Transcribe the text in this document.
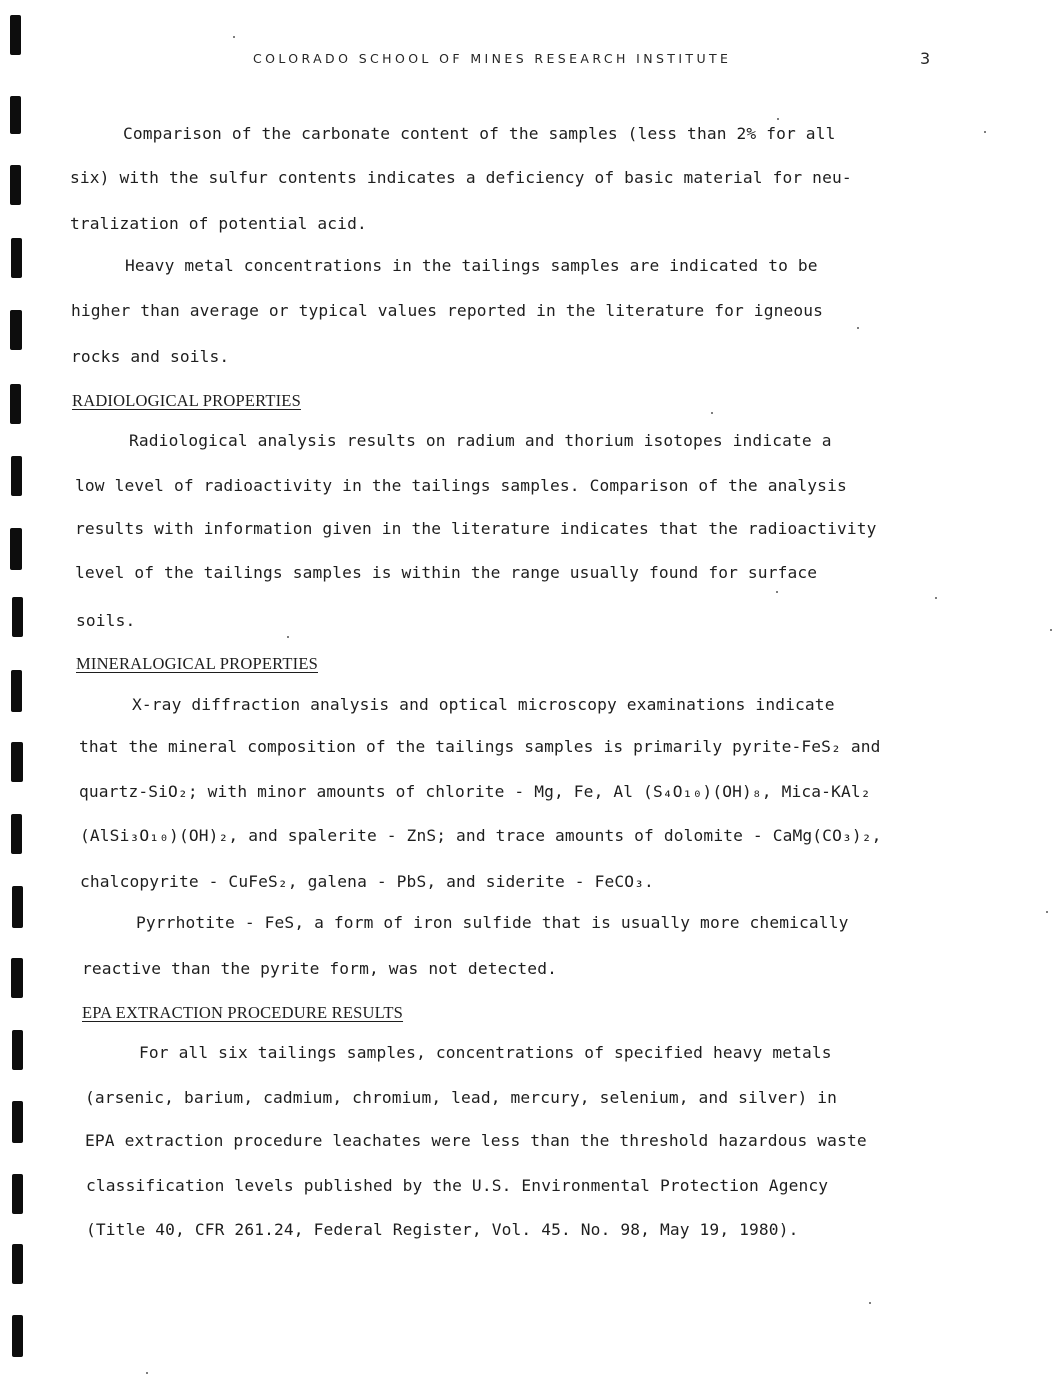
COLORADO SCHOOL OF MINES RESEARCH INSTITUTE	3
Comparison of the carbonate content of the samples (less than 2% for all
six) with the sulfur contents indicates a deficiency of basic material for neu-
tralization of potential acid.
Heavy metal concentrations in the tailings samples are indicated to be
higher than average or typical values reported in the literature for igneous
rocks and soils.
RADIOLOGICAL PROPERTIES
Radiological analysis results on radium and thorium isotopes indicate a
low level of radioactivity in the tailings samples. Comparison of the analysis
results with information given in the literature indicates that the radioactivity
level of the tailings samples is within the range usually found for surface
soils.
MINERALOGICAL PROPERTIES
X-ray diffraction analysis and optical microscopy examinations indicate
that the mineral composition of the tailings samples is primarily pyrite-FeS₂ and
quartz-SiO₂; with minor amounts of chlorite - Mg, Fe, Al (S₄O₁₀)(OH)₈, Mica-KAl₂
(AlSi₃O₁₀)(OH)₂, and spalerite - ZnS; and trace amounts of dolomite - CaMg(CO₃)₂,
chalcopyrite - CuFeS₂, galena - PbS, and siderite - FeCO₃.
Pyrrhotite - FeS, a form of iron sulfide that is usually more chemically
reactive than the pyrite form, was not detected.
EPA EXTRACTION PROCEDURE RESULTS
For all six tailings samples, concentrations of specified heavy metals
(arsenic, barium, cadmium, chromium, lead, mercury, selenium, and silver) in
EPA extraction procedure leachates were less than the threshold hazardous waste
classification levels published by the U.S. Environmental Protection Agency
(Title 40, CFR 261.24, Federal Register, Vol. 45. No. 98, May 19, 1980).
